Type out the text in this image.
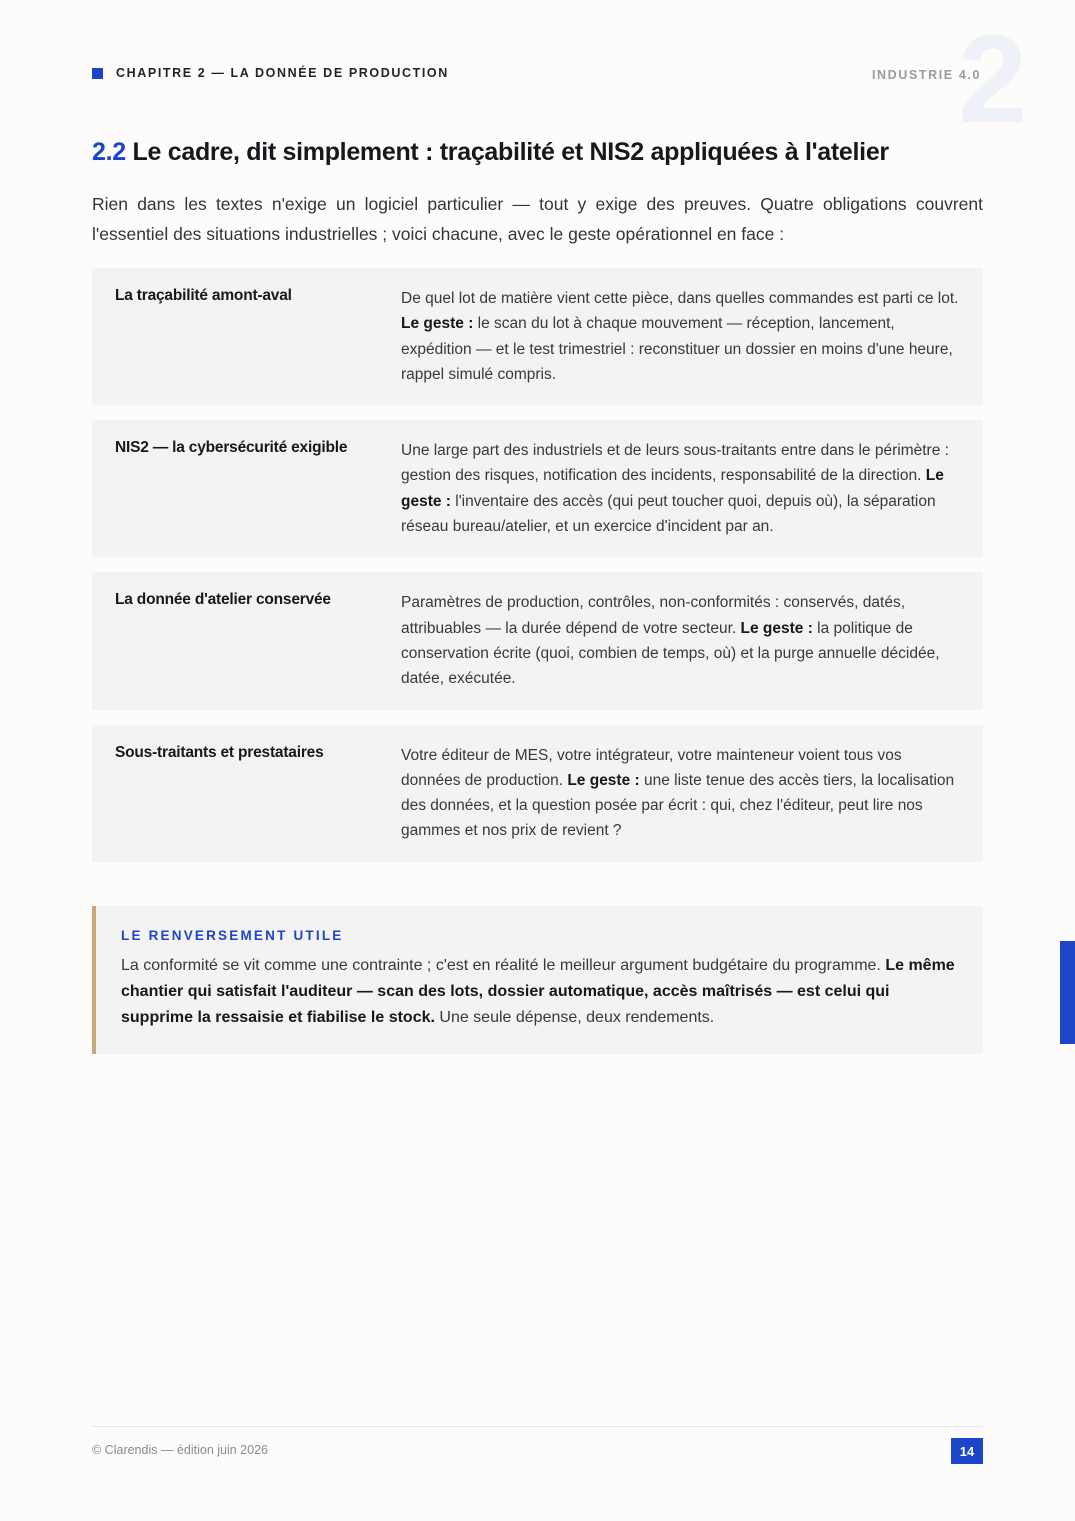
2
CHAPITRE 2 — LA DONNÉE DE PRODUCTION	INDUSTRIE 4.0
2.2 Le cadre, dit simplement : traçabilité et NIS2 appliquées à l'atelier

Rien dans les textes n'exige un logiciel particulier — tout y exige des preuves. Quatre obligations couvrent l'essentiel des situations industrielles ; voici chacune, avec le geste opérationnel en face :

La traçabilité amont-aval	De quel lot de matière vient cette pièce, dans quelles commandes est parti ce lot. Le geste : le scan du lot à chaque mouvement — réception, lancement, expédition — et le test trimestriel : reconstituer un dossier en moins d'une heure, rappel simulé compris.
NIS2 — la cybersécurité exigible	Une large part des industriels et de leurs sous-traitants entre dans le périmètre : gestion des risques, notification des incidents, responsabilité de la direction. Le geste : l'inventaire des accès (qui peut toucher quoi, depuis où), la séparation réseau bureau/atelier, et un exercice d'incident par an.
La donnée d'atelier conservée	Paramètres de production, contrôles, non-conformités : conservés, datés, attribuables — la durée dépend de votre secteur. Le geste : la politique de conservation écrite (quoi, combien de temps, où) et la purge annuelle décidée, datée, exécutée.
Sous-traitants et prestataires	Votre éditeur de MES, votre intégrateur, votre mainteneur voient tous vos données de production. Le geste : une liste tenue des accès tiers, la localisation des données, et la question posée par écrit : qui, chez l'éditeur, peut lire nos gammes et nos prix de revient ?
LE RENVERSEMENT UTILE
La conformité se vit comme une contrainte ; c'est en réalité le meilleur argument budgétaire du programme. Le même chantier qui satisfait l'auditeur — scan des lots, dossier automatique, accès maîtrisés — est celui qui supprime la ressaisie et fiabilise le stock. Une seule dépense, deux rendements.
© Clarendis — édition juin 2026	14
